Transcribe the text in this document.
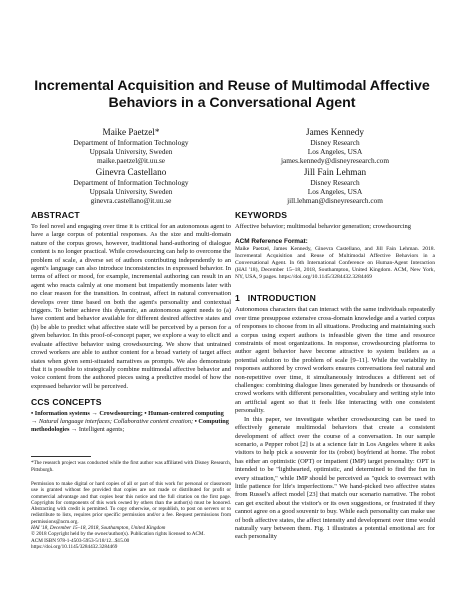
Incremental Acquisition and Reuse of Multimodal Affective Behaviors in a Conversational Agent
Maike Paetzel*
Department of Information Technology
Uppsala University, Sweden
maike.paetzel@it.uu.se
James Kennedy
Disney Research
Los Angeles, USA
james.kennedy@disneyresearch.com
Ginevra Castellano
Department of Information Technology
Uppsala University, Sweden
ginevra.castellano@it.uu.se
Jill Fain Lehman
Disney Research
Los Angeles, USA
jill.lehman@disneyresearch.com
ABSTRACT

To feel novel and engaging over time it is critical for an autonomous agent to have a large corpus of potential responses. As the size and multi-domain nature of the corpus grows, however, traditional hand-authoring of dialogue content is no longer practical. While crowdsourcing can help to overcome the problem of scale, a diverse set of authors contributing independently to an agent's language can also introduce inconsistencies in expressed behavior. In terms of affect or mood, for example, incremental authoring can result in an agent who reacts calmly at one moment but impatiently moments later with no clear reason for the transition. In contrast, affect in natural conversation develops over time based on both the agent's personality and contextual triggers. To better achieve this dynamic, an autonomous agent needs to (a) have content and behavior available for different desired affective states and (b) be able to predict what affective state will be perceived by a person for a given behavior. In this proof-of-concept paper, we explore a way to elicit and evaluate affective behavior using crowdsourcing. We show that untrained crowd workers are able to author content for a broad variety of target affect states when given semi-situated narratives as prompts. We also demonstrate that it is possible to strategically combine multimodal affective behavior and voice content from the authored pieces using a predictive model of how the expressed behavior will be perceived.

CCS CONCEPTS

• Information systems → Crowdsourcing; • Human-centered computing → Natural language interfaces; Collaborative content creation; • Computing methodologies → Intelligent agents;

*The research project was conducted while the first author was affiliated with Disney Research, Pittsburgh.

Permission to make digital or hard copies of all or part of this work for personal or classroom use is granted without fee provided that copies are not made or distributed for profit or commercial advantage and that copies bear this notice and the full citation on the first page. Copyrights for components of this work owned by others than the author(s) must be honored. Abstracting with credit is permitted. To copy otherwise, or republish, to post on servers or to redistribute to lists, requires prior specific permission and/or a fee. Request permissions from permissions@acm.org.

HAI '18, December 15–18, 2018, Southampton, United Kingdom

© 2018 Copyright held by the owner/author(s). Publication rights licensed to ACM.

ACM ISBN 978-1-4503-5953-5/18/12...$15.00

https://doi.org/10.1145/3284432.3284469

KEYWORDS

Affective behavior; multimodal behavior generation; crowdsourcing

ACM Reference Format:

Maike Paetzel, James Kennedy, Ginevra Castellano, and Jill Fain Lehman. 2018. Incremental Acquisition and Reuse of Multimodal Affective Behaviors in a Conversational Agent. In 6th International Conference on Human-Agent Interaction (HAI '18), December 15–18, 2018, Southampton, United Kingdom. ACM, New York, NY, USA, 9 pages. https://doi.org/10.1145/3284432.3284469

1 INTRODUCTION

Autonomous characters that can interact with the same individuals repeatedly over time presuppose extensive cross-domain knowledge and a varied corpus of responses to choose from in all situations. Producing and maintaining such a corpus using expert authors is infeasible given the time and resource constraints of most organizations. In response, crowdsourcing platforms to author agent behavior have become attractive to system builders as a potential solution to the problem of scale [9–11]. While the variability in responses authored by crowd workers ensures conversations feel natural and non-repetitive over time, it simultaneously introduces a different set of challenges: combining dialogue lines generated by hundreds or thousands of crowd workers with different personalities, vocabulary and writing style into an artificial agent so that it feels like interacting with one consistent personality.

In this paper, we investigate whether crowdsourcing can be used to effectively generate multimodal behaviors that create a consistent development of affect over the course of a conversation. In our sample scenario, a Pepper robot [2] is at a science fair in Los Angeles where it asks visitors to help pick a souvenir for its (robot) boyfriend at home. The robot has either an optimistic (OPT) or impatient (IMP) target personality: OPT is intended to be "lighthearted, optimistic, and determined to find the fun in every situation," while IMP should be perceived as "quick to overreact with little patience for life's imperfections." We hand-picked two affective states from Russel's affect model [23] that match our scenario narrative. The robot can get excited about the visitor's or its own suggestions, or frustrated if they cannot agree on a good souvenir to buy. While each personality can make use of both affective states, the affect intensity and development over time would naturally vary between them. Fig. 1 illustrates a potential emotional arc for each personality
